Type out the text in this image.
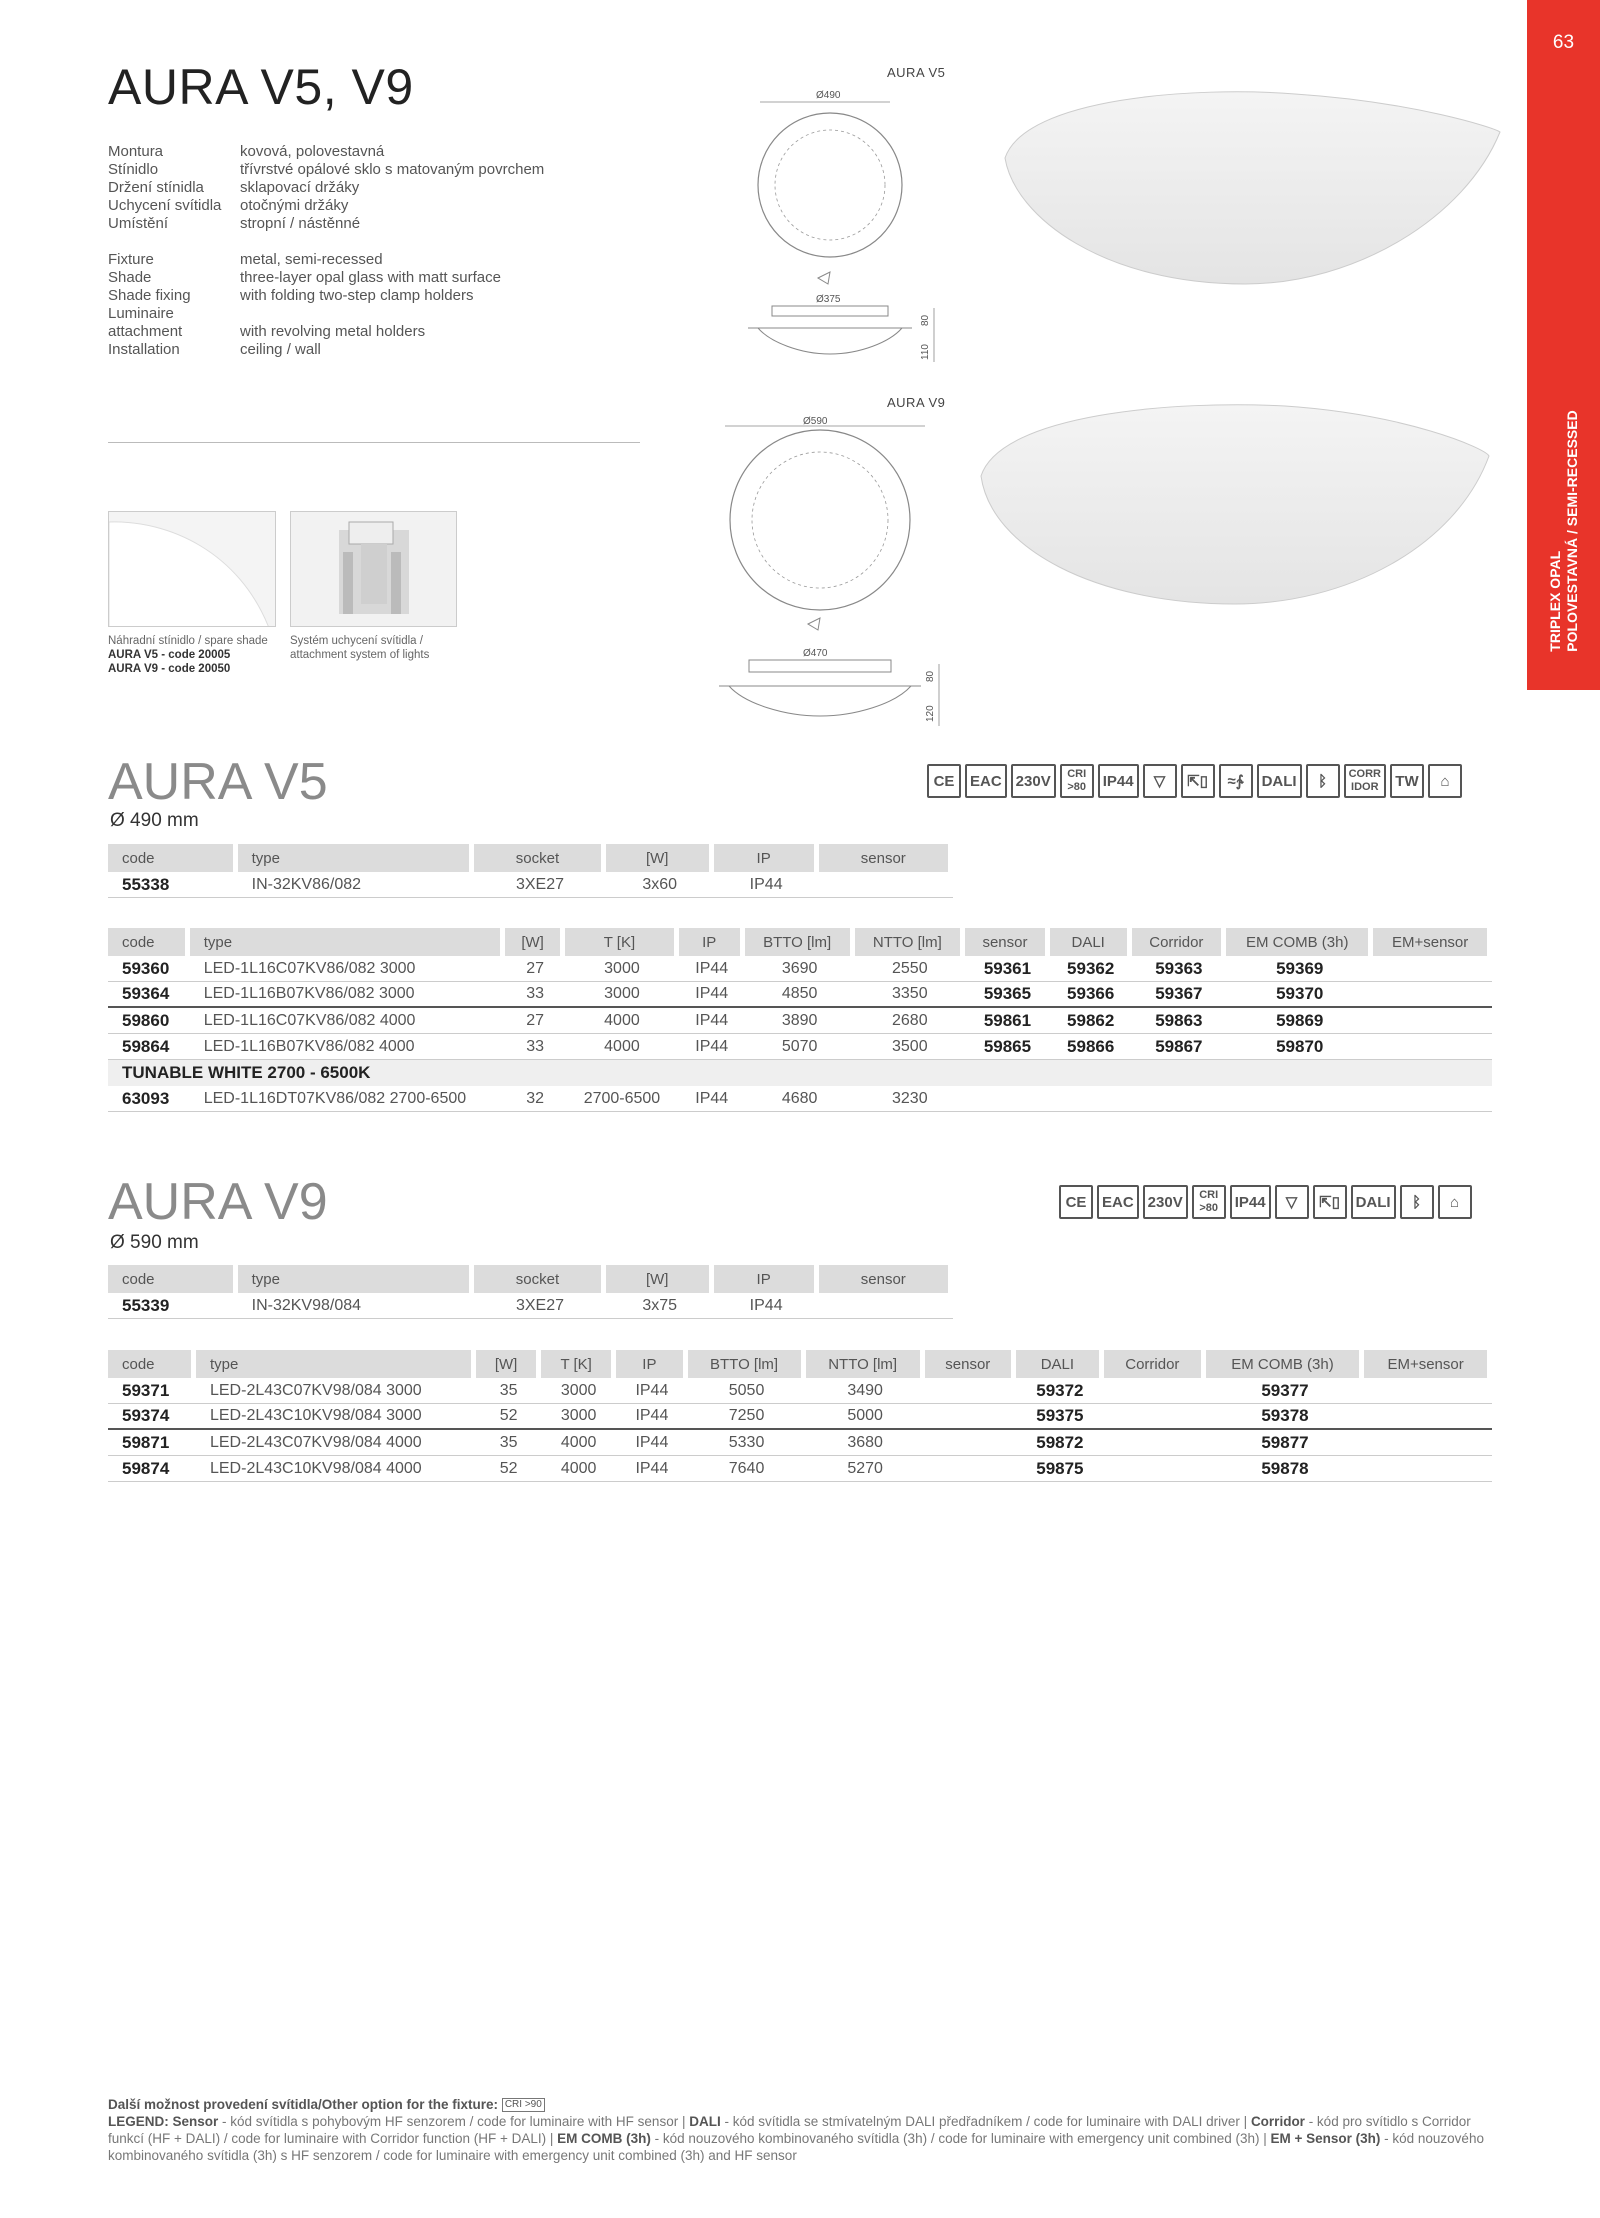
63
TRIPLEX OPAL POLOVESTAVNÁ / SEMI-RECESSED
AURA V5, V9
Montura	kovová, polovestavná
Stínidlo	třívrstvé opálové sklo s matovaným povrchem
Držení stínidla	sklapovací držáky
Uchycení svítidla	otočnými držáky
Umístění	stropní / nástěnné
Fixture	metal, semi-recessed
Shade	three-layer opal glass with matt surface
Shade fixing	with folding two-step clamp holders
Luminaire
attachment	with revolving metal holders
Installation	ceiling / wall
Náhradní stínidlo / spare shade
AURA V5 - code 20005
AURA V9 - code 20050
Systém uchycení svítidla /
attachment system of lights
AURA V5
Ø490
Ø375
110
80
AURA V9
Ø590
Ø470
120
80
AURA V5
Ø 490 mm
CE	EAC 230V	CRI
>80	IP44	▽	⇱▯	≈∱	DALI	ᛒ	CORR
IDOR	TW	⌂
code	type	socket	[W]	IP	sensor
55338	IN-32KV86/082	3XE27	3x60	IP44	
code	type	[W]	T [K]	IP	BTTO [lm]	NTTO [lm]	sensor	DALI	Corridor	EM COMB (3h)	EM+sensor
59360	LED-1L16C07KV86/082 3000	27	3000	IP44	3690	2550	59361	59362	59363	59369	
59364	LED-1L16B07KV86/082 3000	33	3000	IP44	4850	3350	59365	59366	59367	59370	
59860	LED-1L16C07KV86/082 4000	27	4000	IP44	3890	2680	59861	59862	59863	59869	
59864	LED-1L16B07KV86/082 4000	33	4000	IP44	5070	3500	59865	59866	59867	59870	
TUNABLE WHITE 2700 - 6500K											
63093	LED-1L16DT07KV86/082 2700-6500	32	2700-6500	IP44	4680	3230					
AURA V9
Ø 590 mm
CE	EAC 230V	CRI
>80	IP44	▽	⇱▯	DALI	ᛒ	⌂
code	type	socket	[W]	IP	sensor
55339	IN-32KV98/084	3XE27	3x75	IP44	
code	type	[W]	T [K]	IP	BTTO [lm]	NTTO [lm]	sensor	DALI	Corridor	EM COMB (3h)	EM+sensor
59371	LED-2L43C07KV98/084 3000	35	3000	IP44	5050	3490		59372		59377	
59374	LED-2L43C10KV98/084 3000	52	3000	IP44	7250	5000		59375		59378	
59871	LED-2L43C07KV98/084 4000	35	4000	IP44	5330	3680		59872		59877	
59874	LED-2L43C10KV98/084 4000	52	4000	IP44	7640	5270		59875		59878	
Další možnost provedení svítidla/Other option for the fixture: CRI >90
LEGEND: Sensor - kód svítidla s pohybovým HF senzorem / code for luminaire with HF sensor | DALI - kód svítidla se stmívatelným DALI předřadníkem / code for luminaire with DALI driver | Corridor - kód pro svítidlo s Corridor funkcí (HF + DALI) / code for luminaire with Corridor function (HF + DALI) | EM COMB (3h) - kód nouzového kombinovaného svítidla (3h) / code for luminaire with emergency unit combined (3h) | EM + Sensor (3h) - kód nouzového kombinovaného svítidla (3h) s HF senzorem / code for luminaire with emergency unit combined (3h) and HF sensor
